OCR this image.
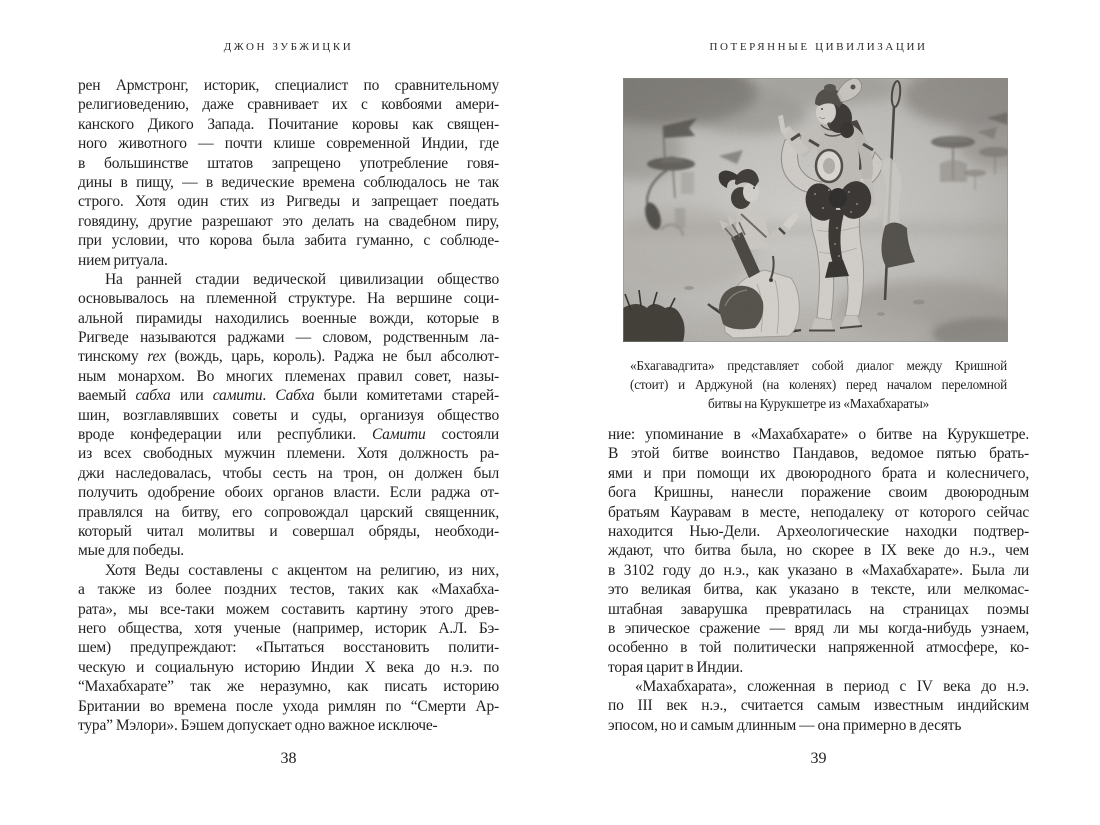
ДЖОН ЗУБЖИЦКИ
рен Армстронг, историк, специалист по сравнительному
религиоведению, даже сравнивает их с ковбоями амери-
канского Дикого Запада. Почитание коровы как священ-
ного животного — почти клише современной Индии, где
в большинстве штатов запрещено употребление говя-
дины в пищу, — в ведические времена соблюдалось не так
строго. Хотя один стих из Ригведы и запрещает поедать
говядину, другие разрешают это делать на свадебном пиру,
при условии, что корова была забита гуманно, с соблюде-
нием ритуала.
На ранней стадии ведической цивилизации общество
основывалось на племенной структуре. На вершине соци-
альной пирамиды находились военные вожди, которые в
Ригведе называются раджами — словом, родственным ла-
тинскому rex (вождь, царь, король). Раджа не был абсолют-
ным монархом. Во многих племенах правил совет, назы-
ваемый сабха или самити. Сабха были комитетами старей-
шин, возглавлявших советы и суды, организуя общество
вроде конфедерации или республики. Самити состояли
из всех свободных мужчин племени. Хотя должность ра-
джи наследовалась, чтобы сесть на трон, он должен был
получить одобрение обоих органов власти. Если раджа от-
правлялся на битву, его сопровождал царский священник,
который читал молитвы и совершал обряды, необходи-
мые для победы.
Хотя Веды составлены с акцентом на религию, из них,
а также из более поздних тестов, таких как «Махабха-
рата», мы все-таки можем составить картину этого древ-
него общества, хотя ученые (например, историк А.Л. Бэ-
шем) предупреждают: «Пытаться восстановить полити-
ческую и социальную историю Индии X века до н.э. по
“Махабхарате” так же неразумно, как писать историю
Британии во времена после ухода римлян по “Смерти Ар-
тура” Мэлори». Бэшем допускает одно важное исключе-
38
ПОТЕРЯННЫЕ ЦИВИЛИЗАЦИИ
«Бхагавадгита» представляет собой диалог между Кришной
(стоит) и Арджуной (на коленях) перед началом переломной
битвы на Курукшетре из «Махабхараты»
ние: упоминание в «Махабхарате» о битве на Курукшетре.
В этой битве воинство Пандавов, ведомое пятью брать-
ями и при помощи их двоюродного брата и колесничего,
бога Кришны, нанесли поражение своим двоюродным
братьям Кауравам в месте, неподалеку от которого сейчас
находится Нью-Дели. Археологические находки подтвер-
ждают, что битва была, но скорее в IX веке до н.э., чем
в 3102 году до н.э., как указано в «Махабхарате». Была ли
это великая битва, как указано в тексте, или мелкомас-
штабная заварушка превратилась на страницах поэмы
в эпическое сражение — вряд ли мы когда-нибудь узнаем,
особенно в той политически напряженной атмосфере, ко-
торая царит в Индии.
«Махабхарата», сложенная в период с IV века до н.э.
по III век н.э., считается самым известным индийским
эпосом, но и самым длинным — она примерно в десять
39
